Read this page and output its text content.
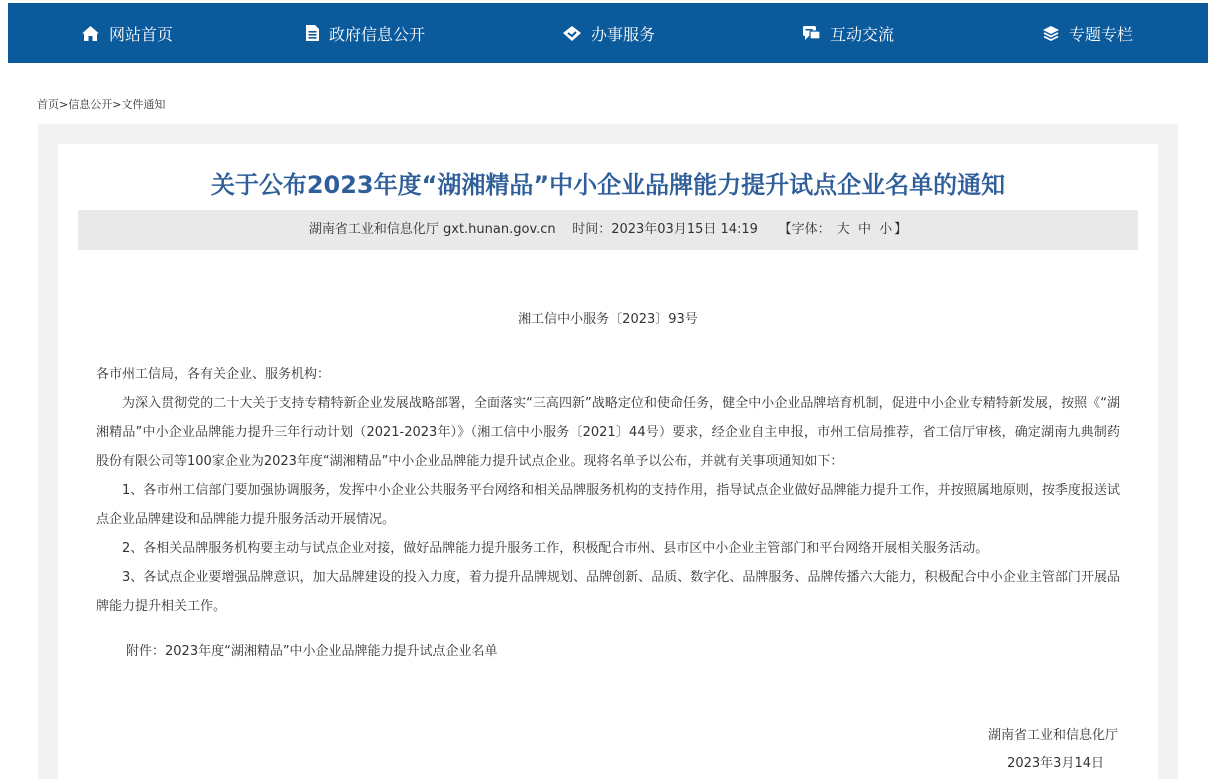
网站首页	政府信息公开	办事服务	互动交流	专题专栏
首页>信息公开>文件通知
关于公布2023年度“湖湘精品”中小企业品牌能力提升试点企业名单的通知
湖南省工业和信息化厅 gxt.hunan.gov.cn 时间：2023年03月15日 14:19 【字体： 大 中 小 】
湘工信中小服务〔2023〕93号

各市州工信局，各有关企业、服务机构：

为深入贯彻党的二十大关于支持专精特新企业发展战略部署，全面落实“三高四新”战略定位和使命任务，健全中小企业品牌培育机制，促进中小企业专精特新发展，按照《“湖湘精品”中小企业品牌能力提升三年行动计划（2021-2023年）》（湘工信中小服务〔2021〕44号）要求，经企业自主申报，市州工信局推荐，省工信厅审核，确定湖南九典制药股份有限公司等100家企业为2023年度“湖湘精品”中小企业品牌能力提升试点企业。现将名单予以公布，并就有关事项通知如下：

1、各市州工信部门要加强协调服务，发挥中小企业公共服务平台网络和相关品牌服务机构的支持作用，指导试点企业做好品牌能力提升工作，并按照属地原则，按季度报送试点企业品牌建设和品牌能力提升服务活动开展情况。

2、各相关品牌服务机构要主动与试点企业对接，做好品牌能力提升服务工作，积极配合市州、县市区中小企业主管部门和平台网络开展相关服务活动。

3、各试点企业要增强品牌意识，加大品牌建设的投入力度，着力提升品牌规划、品牌创新、品质、数字化、品牌服务、品牌传播六大能力，积极配合中小企业主管部门开展品牌能力提升相关工作。

附件：2023年度“湖湘精品”中小企业品牌能力提升试点企业名单
湖南省工业和信息化厅
2023年3月14日
